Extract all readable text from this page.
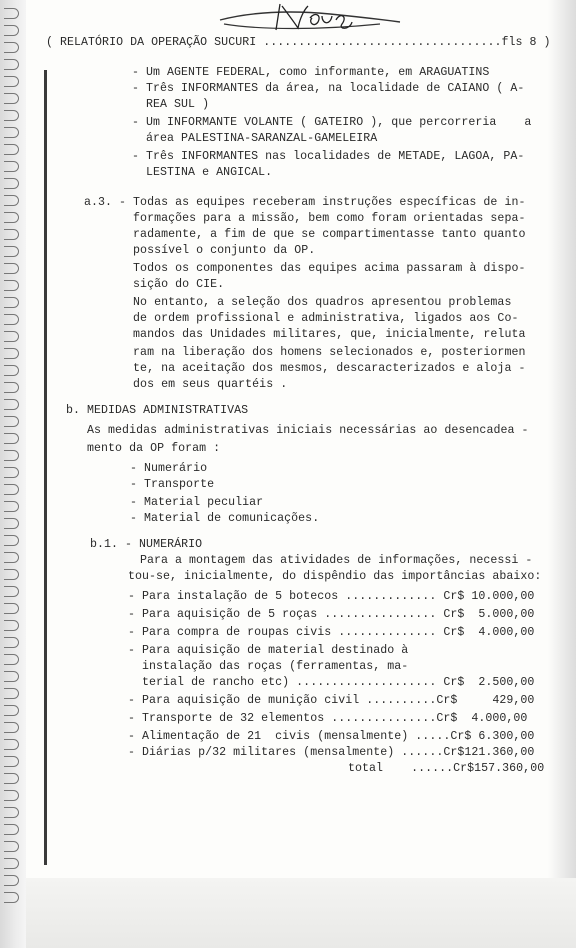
( RELATÓRIO DA OPERAÇÃO SUCURI ..................................fls 8 )
- Um AGENTE FEDERAL, como informante, em ARAGUATINS
- Três INFORMANTES da área, na localidade de CAIANO ( A-
REA SUL )
- Um INFORMANTE VOLANTE ( GATEIRO ), que percorreria    a
área PALESTINA-SARANZAL-GAMELEIRA
- Três INFORMANTES nas localidades de METADE, LAGOA, PA-
LESTINA e ANGICAL.
a.3. - Todas as equipes receberam instruções específicas de in-
formações para a missão, bem como foram orientadas sepa-
radamente, a fim de que se compartimentasse tanto quanto
possível o conjunto da OP.
Todos os componentes das equipes acima passaram à dispo-
sição do CIE.
No entanto, a seleção dos quadros apresentou problemas
de ordem profissional e administrativa, ligados aos Co-
mandos das Unidades militares, que, inicialmente, reluta
ram na liberação dos homens selecionados e, posteriormen
te, na aceitação dos mesmos, descaracterizados e aloja -
dos em seus quartéis .
b. MEDIDAS ADMINISTRATIVAS
As medidas administrativas iniciais necessárias ao desencadea -
mento da OP foram :
- Numerário
- Transporte
- Material peculiar
- Material de comunicações.
b.1. - NUMERÁRIO
Para a montagem das atividades de informações, necessi -
tou-se, inicialmente, do dispêndio das importâncias abaixo:
- Para instalação de 5 botecos ............. Cr$ 10.000,00
- Para aquisição de 5 roças ................ Cr$  5.000,00
- Para compra de roupas civis .............. Cr$  4.000,00
- Para aquisição de material destinado à
instalação das roças (ferramentas, ma-
terial de rancho etc) .................... Cr$  2.500,00
- Para aquisição de munição civil ..........Cr$     429,00
- Transporte de 32 elementos ...............Cr$  4.000,00
- Alimentação de 21  civis (mensalmente) .....Cr$ 6.300,00
- Diárias p/32 militares (mensalmente) ......Cr$121.360,00
total    ......Cr$157.360,00
